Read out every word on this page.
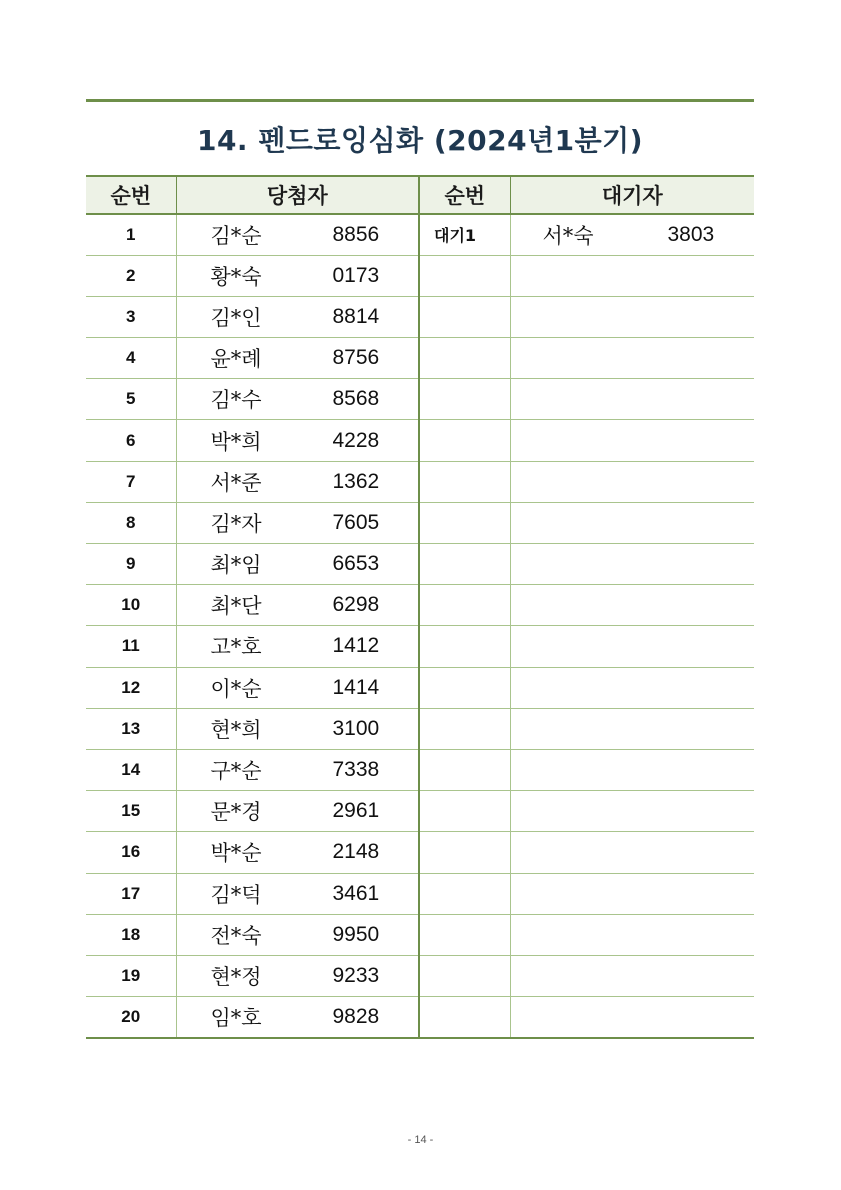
14. 펜드로잉심화 (2024년1분기)
순번	당첨자	순번	대기자
1	김*순 8856	대기1	서*숙 3803

2	황*숙 0173		

3	김*인 8814		

4	윤*례 8756		

5	김*수 8568		

6	박*희 4228		

7	서*준 1362		

8	김*자 7605		

9	최*임 6653		

10	최*단 6298		

11	고*호 1412		

12	이*순 1414		

13	현*희 3100		

14	구*순 7338		

15	문*경 2961		

16	박*순 2148		

17	김*덕 3461		

18	전*숙 9950		

19	현*정 9233		

20	임*호 9828		

- 14 -
